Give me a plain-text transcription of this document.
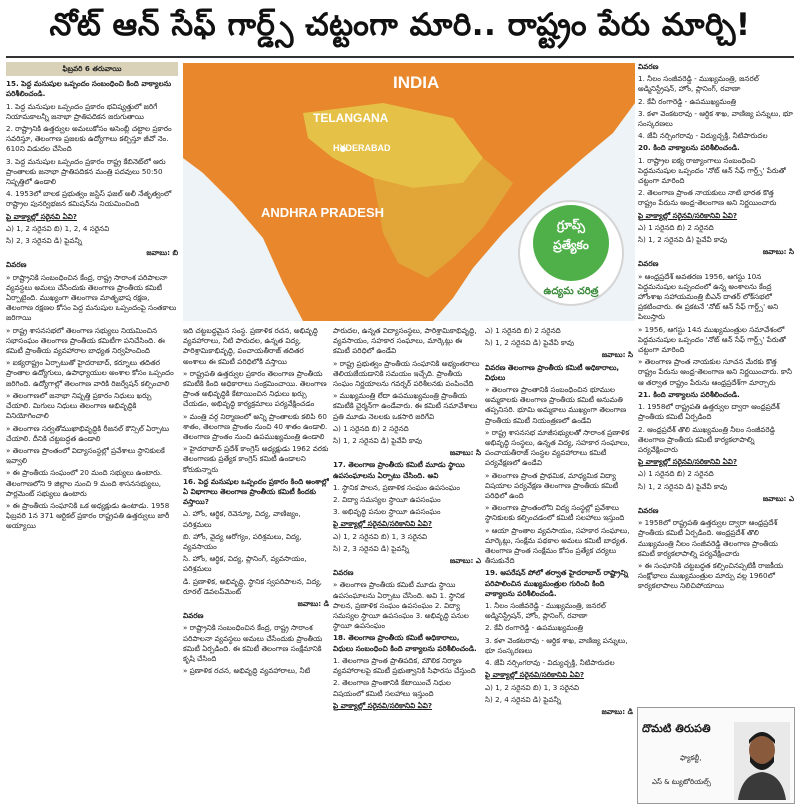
నోట్ ఆన్ సేఫ్ గార్డ్స్ చట్టంగా మారి.. రాష్ట్రం పేరు మార్చి!
ఫిబ్రవరి 6 తరువాయి

15. పెద్ద మనుషుల ఒప్పందం సంబంధించి కింది వాక్యాలను పరిశీలించండి.

1. పెద్ద మనుషుల ఒప్పందం ప్రకారం భవిష్యత్తులో జరిగే నియామకాలన్నీ జనాభా ప్రాతిపదికన జరుగుతాయి

2. రాష్ట్రానికి ఉత్తర్వుల అమలుకోసం అసెంబ్లీ చట్టాల ప్రకారం సవరిస్తూ, తెలంగాణ ప్రజలకు ఉద్యోగాలు కల్పిస్తూ జీవో నెం. 610ని విడుదల చేసింది

3. పెద్ద మనుషుల ఒప్పందం ప్రకారం రాష్ట్ర కేబినెట్‌లో ఆరు ప్రాంతాలకు జనాభా ప్రాతిపదికన మంత్రి పదవులు 50:50 నిష్పత్తిలో ఉండాలి

4. 1953లో బాలక ప్రభుత్వం జస్టిస్ ఫజల్ అలీ నేతృత్వంలో రాష్ట్రాల పునర్విభజన కమిషన్‌ను నియమించింది

పై వాక్యాల్లో సరైనవి ఏవి?

ఎ) 1, 2 సరైనవి బి) 1, 2, 4 సరైనవి

సి) 2, 3 సరైనవి డి) పైవన్నీ

జవాబు: బి

వివరణ

» రాష్ట్రానికి సంబంధించిన కేంద్ర, రాష్ట్ర సారాంశ పరిపాలనా వ్యవస్థలు అమలు చేసేందుకు తెలంగాణ ప్రాంతీయ కమిటీ ఏర్పాటైంది. ముఖ్యంగా తెలంగాణ మాతృభాష రక్షణ, తెలంగాణ రక్షణల కోసం పెద్ద మనుషుల ఒప్పందంపై సంతకాలు జరిగాయి

» రాష్ట్ర శాసనసభలో తెలంగాణ సభ్యులు నియమించిన సభాసంఘం తెలంగాణ ప్రాంతీయ కమిటీగా పనిచేసింది. ఈ కమిటీ ప్రాంతీయ వ్యవహారాల బాధ్యత నిర్వహించింది

» ఐక్యరాష్ట్రం ఏర్పాటుతో హైదరాబాద్, కర్నూలు తదితర ప్రాంతాల ఉద్యోగులు, ఉపాధ్యాయుల అంశాల కోసం ఒప్పందం జరిగింది. ఉద్యోగాల్లో తెలంగాణ వారికి రిజర్వేషన్ కల్పించాలి

» తెలంగాణలో జనాభా నిష్పత్తి ప్రకారం నిధులు ఖర్చు చేయాలి. మిగులు నిధులు తెలంగాణ అభివృద్ధికి వినియోగించాలి

» తెలంగాణ సర్వతోముఖాభివృద్ధికి రీజనల్ కౌన్సిల్ ఏర్పాటు చేయాలి. దీనికి చట్టబద్ధత ఉండాలి

» తెలంగాణ ప్రాంతంలో విద్యాసంస్థల్లో ప్రవేశాలు స్థానికులకే ఇవ్వాలి

» ఈ ప్రాంతీయ సంఘంలో 20 మంది సభ్యులు ఉంటారు. తెలంగాణలోని 9 జిల్లాల నుంచి 9 మంది శాసనసభ్యులు, పార్లమెంట్ సభ్యులు ఉంటారు

» ఈ ప్రాంతీయ సంఘానికి ఒక అధ్యక్షుడు ఉంటాడు. 1958 ఫిబ్రవరి 1న 371 ఆర్టికల్ ప్రకారం రాష్ట్రపతి ఉత్తర్వులు జారీ అయ్యాయి

INDIA
TELANGANA
HYDERABAD
ANDHRA PRADESH
గ్రూప్స్
ప్రత్యేకం
ఉద్యమ చరిత్ర

ఇది చట్టబద్ధమైన సంస్థ. ప్రణాళిక రచన, అభివృద్ధి వ్యవహారాలు, నీటి పారుదల, ఉన్నత విద్య, పారిశ్రామికాభివృద్ధి, పంచాయతీరాజ్ తదితర అంశాలు ఈ కమిటీ పరిధిలోకి వస్తాయి

» రాష్ట్రపతి ఉత్తర్వుల ప్రకారం తెలంగాణ ప్రాంతీయ కమిటీకి కింది అధికారాలు సంక్రమించాయి. తెలంగాణ ప్రాంత అభివృద్ధికి కేటాయించిన నిధులు ఖర్చు చేయడం, అభివృద్ధి కార్యక్రమాలు పర్యవేక్షించడం

» మంత్రి వర్గ నిర్మాణంలో అన్ని ప్రాంతాలకు కలిపి 60 శాతం, తెలంగాణ ప్రాంతం నుంచి 40 శాతం ఉండాలి. తెలంగాణ ప్రాంతం నుంచి ఉపముఖ్యమంత్రి ఉండాలి

» హైదరాబాద్ ప్రదేశ్ కాంగ్రెస్ అధ్యక్షుడు 1962 వరకు తెలంగాణకు ప్రత్యేక కాంగ్రెస్ కమిటీ ఉండాలని కోరుకున్నారు

16. పెద్ద మనుషుల ఒప్పందం ప్రకారం కింది అంశాల్లో ఏ విభాగాలు తెలంగాణ ప్రాంతీయ కమిటీ కిందకు వస్తాయి?

ఎ. హోం, ఆర్థిక, రెవెన్యూ, విద్య, వాణిజ్యం, పరిశ్రమలు

బి. హోం, వైద్య ఆరోగ్యం, పరిశ్రమలు, విద్య, వ్యవసాయం

సి. హోం, ఆర్థిక, విద్య, ప్లానింగ్, వ్యవసాయం, పరిశ్రమలు

డి. ప్రణాళిక, అభివృద్ధి, స్థానిక స్వపరిపాలన, విద్య, రూరల్ డెవలప్‌మెంట్

జవాబు: డి

వివరణ

» రాష్ట్రానికి సంబంధించిన కేంద్ర, రాష్ట్ర సారాంశ పరిపాలనా వ్యవస్థలు అమలు చేసేందుకు ప్రాంతీయ కమిటీ ఏర్పడింది. ఈ కమిటీ తెలంగాణ సంక్షేమానికి కృషి చేసింది

» ప్రణాళిక రచన, అభివృద్ధి వ్యవహారాలు, నీటి

పారుదల, ఉన్నత విద్యాసంస్థలు, పారిశ్రామికాభివృద్ధి, వ్యవసాయం, సహకార సంఘాలు, మార్కెట్లు ఈ కమిటీ పరిధిలో ఉండేవి

» రాష్ట్ర ప్రభుత్వం ప్రాంతీయ సంఘానికి అభ్యంతరాలు తెలియజేయడానికి సమయం ఇచ్చేది. ప్రాంతీయ సంఘం నిర్ణయాలను గవర్నర్ పరిశీలనకు పంపించేది

» ముఖ్యమంత్రి లేదా ఉపముఖ్యమంత్రి ప్రాంతీయ కమిటీకి చైర్మన్‌గా ఉండేవారు. ఈ కమిటీ సమావేశాలు ప్రతి మూడు నెలలకు ఒకసారి జరిగేవి

ఎ) 1 సరైనది బి) 2 సరైనది

సి) 1, 2 సరైనవి డి) పైవేవీ కావు

జవాబు: సి

17. తెలంగాణ ప్రాంతీయ కమిటీ మూడు స్థాయి ఉపసంఘాలను ఏర్పాటు చేసింది. అవి

1. స్థానిక పాలన, ప్రణాళిక సంఘం ఉపసంఘం

2. విద్యా సమస్యల స్థాయీ ఉపసంఘం

3. అభివృద్ధి పనుల స్థాయీ ఉపసంఘం

పై వాక్యాల్లో సరైనవి/సరికానివి ఏవి?

ఎ) 1, 2 సరైనవి బి) 1, 3 సరైనవి

సి) 2, 3 సరైనవి డి) పైవన్నీ

జవాబు: ఎ

వివరణ

» తెలంగాణ ప్రాంతీయ కమిటీ మూడు స్థాయి ఉపసంఘాలను ఏర్పాటు చేసింది. అవి 1. స్థానిక పాలన, ప్రణాళిక సంఘం ఉపసంఘం 2. విద్యా సమస్యల స్థాయీ ఉపసంఘం 3. అభివృద్ధి పనుల స్థాయీ ఉపసంఘం

18. తెలంగాణ ప్రాంతీయ కమిటీ అధికారాలు, విధులు సంబంధించి కింది వాక్యాలను పరిశీలించండి.

1. తెలంగాణ ప్రాంత ప్రాతిపదిక, మౌలిక నిర్మాణ వ్యవహారాలపై కమిటీ ప్రభుత్వానికి సిఫారసు చేస్తుంది

2. తెలంగాణ ప్రాంతానికి కేటాయించే నిధుల విషయంలో కమిటీ సలహాలు ఇస్తుంది

పై వాక్యాల్లో సరైనవి/సరికానివి ఏవి?

ఎ) 1 సరైనది బి) 2 సరైనది

సి) 1, 2 సరైనవి డి) పైవేవీ కావు

జవాబు: సి

వివరణ తెలంగాణ ప్రాంతీయ కమిటీ అధికారాలు, విధులు

» తెలంగాణ ప్రాంతానికి సంబంధించిన భూముల అమ్మకాలకు తెలంగాణ ప్రాంతీయ కమిటీ అనుమతి తప్పనిసరి. భూమి అమ్మకాలు ముఖ్యంగా తెలంగాణ ప్రాంతీయ కమిటీ నియంత్రణలో ఉండేవి

» రాష్ట్ర శాసనసభ మాజీసభ్యులతో సారాంశ ప్రణాళిక అభివృద్ధి సంస్థలు, ఉన్నత విద్య, సహకార సంఘాలు, పంచాయతీరాజ్ సంస్థల వ్యవహారాలు కమిటీ పర్యవేక్షణలో ఉండేవి

» తెలంగాణ ప్రాంత ప్రాథమిక, మాధ్యమిక విద్యా విషయాల పర్యవేక్షణ తెలంగాణ ప్రాంతీయ కమిటీ పరిధిలో ఉంది

» తెలంగాణ ప్రాంతంలోని విద్య సంస్థల్లో ప్రవేశాలు స్థానికులకు కల్పించడంలో కమిటీ సలహాలు ఇస్తుంది

» ఆయా ప్రాంతాల వ్యవసాయం, సహకార సంఘాలు, మార్కెట్లు, సంక్షేమ పథకాల అమలు కమిటీ బాధ్యత. తెలంగాణ ప్రాంత సంక్షేమం కోసం ప్రత్యేక చర్యలు తీసుకునేది

19. ఆపరేషన్ పోలో తర్వాత హైదరాబాద్ రాష్ట్రాన్ని పరిపాలించిన ముఖ్యమంత్రుల గురించి కింది వాక్యాలను పరిశీలించండి.

1. నీలం సంజీవరెడ్డి - ముఖ్యమంత్రి, జనరల్ అడ్మినిస్ట్రేషన్, హోం, ప్లానింగ్, రవాణా

2. కేవీ రంగారెడ్డి - ఉపముఖ్యమంత్రి

3. కళా వెంకటరావు - ఆర్థిక శాఖ, వాణిజ్య పన్నులు, భూ సంస్కరణలు

4. జేవీ నర్సింగరావు - విద్యుచ్ఛక్తి, నీటిపారుదల

పై వాక్యాల్లో సరైనవి/సరికానివి ఏవి?

ఎ) 1, 2 సరైనవి బి) 1, 3 సరైనవి

సి) 2, 4 సరైనవి డి) పైవన్నీ

జవాబు: డి

వివరణ

1. నీలం సంజీవరెడ్డి - ముఖ్యమంత్రి, జనరల్ అడ్మినిస్ట్రేషన్, హోం, ప్లానింగ్, రవాణా

2. కేవీ రంగారెడ్డి - ఉపముఖ్యమంత్రి

3. కళా వెంకటరావు - ఆర్థిక శాఖ, వాణిజ్య పన్నులు, భూ సంస్కరణలు

4. జేవీ నర్సింగరావు - విద్యుచ్ఛక్తి, నీటిపారుదల

20. కింది వాక్యాలను పరిశీలించండి.

1. రాష్ట్రాల ఐక్య రాజ్యాంగాలు సంబంధించి పెద్దమనుషుల ఒప్పందం 'నోట్ ఆన్ సేఫ్ గార్డ్స్' పేరుతో చట్టంగా మారింది

2. తెలంగాణ ప్రాంత నాయకులు నాటి భారత కొత్త రాష్ట్రం పేరును ఆంధ్ర-తెలంగాణ అని నిర్ణయించారు

పై వాక్యాల్లో సరైనవి/సరికానివి ఏవి?

ఎ) 1 సరైనది బి) 2 సరైనది

సి) 1, 2 సరైనవి డి) పైవేవీ కావు

జవాబు: సి

వివరణ

» ఆంధ్రప్రదేశ్ అవతరణ 1956, ఆగస్టు 10న పెద్దమనుషుల ఒప్పందంలో ఉన్న అంశాలను కేంద్ర హోంశాఖ సహాయమంత్రి బీఎన్ దాతర్ లోక్‌సభలో ప్రకటించారు. ఈ ప్రకటనే 'నోట్ ఆన్ సేఫ్ గార్డ్స్' అని పిలుస్తారు

» 1956, ఆగస్టు 14న ముఖ్యమంత్రుల సమావేశంలో పెద్దమనుషుల ఒప్పందం 'నోట్ ఆన్ సేఫ్ గార్డ్స్' పేరుతో చట్టంగా మారింది

» తెలంగాణ ప్రాంత నాయకుల సూచన మేరకు కొత్త రాష్ట్రం పేరును ఆంధ్ర-తెలంగాణ అని నిర్ణయించారు. కానీ ఆ తర్వాత రాష్ట్రం పేరును ఆంధ్రప్రదేశ్‌గా మార్చారు

21. కింది వాక్యాలను పరిశీలించండి.

1. 1958లో రాష్ట్రపతి ఉత్తర్వుల ద్వారా ఆంధ్రప్రదేశ్ ప్రాంతీయ కమిటీ ఏర్పడింది

2. ఆంధ్రప్రదేశ్ తొలి ముఖ్యమంత్రి నీలం సంజీవరెడ్డి తెలంగాణ ప్రాంతీయ కమిటీ కార్యకలాపాల్ని పర్యవేక్షించారు

పై వాక్యాల్లో సరైనవి/సరికానివి ఏవి?

ఎ) 1 సరైనది బి) 2 సరైనది

సి) 1, 2 సరైనవి డి) పైవేవీ కావు

జవాబు: ఎ

వివరణ

» 1958లో రాష్ట్రపతి ఉత్తర్వుల ద్వారా ఆంధ్రప్రదేశ్ ప్రాంతీయ కమిటీ ఏర్పడింది. ఆంధ్రప్రదేశ్ తొలి ముఖ్యమంత్రి నీలం సంజీవరెడ్డి తెలంగాణ ప్రాంతీయ కమిటీ కార్యకలాపాల్ని పర్యవేక్షించారు

» ఈ సంఘానికి చట్టబద్ధత కల్పించినప్పటికీ రాజకీయ సంక్షోభాలు ముఖ్యమంత్రుల మార్పు వల్ల 1960లో కార్యకలాపాలు నిలిచిపోయాయి

దొమటి తిరుపతి
ఫ్యాకల్టీ,
ఎస్ & ట్యుటోరియల్స్
